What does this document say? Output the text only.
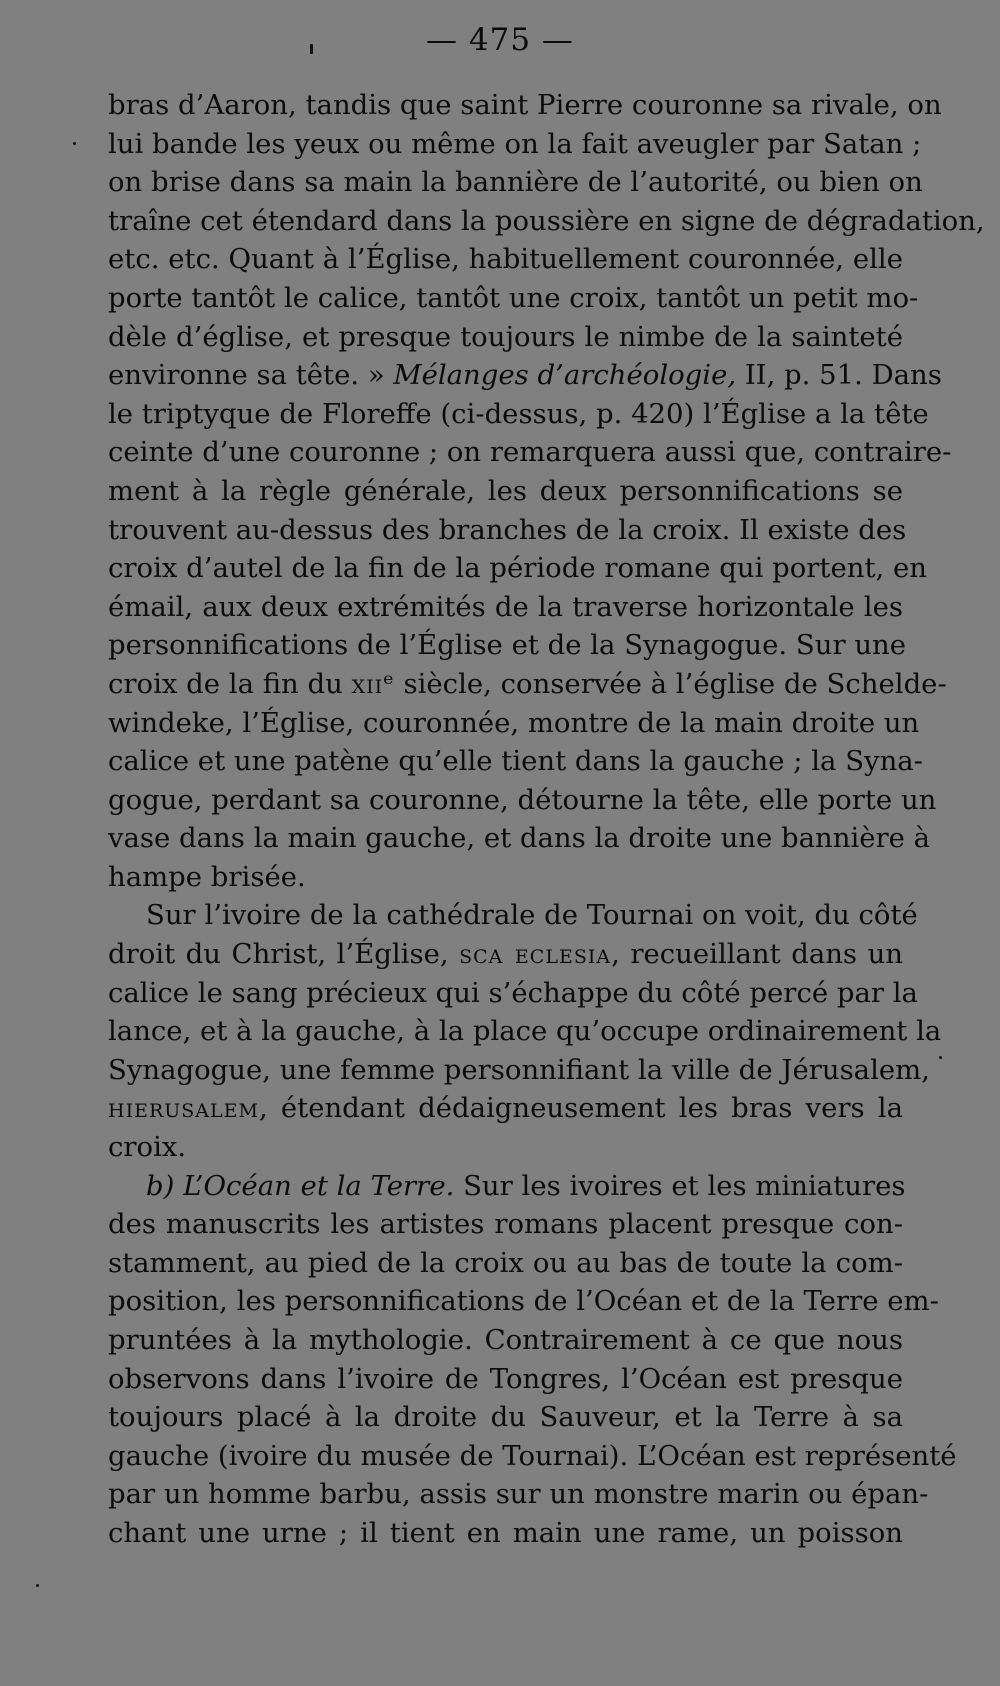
— 475 —
bras d’Aaron, tandis que saint Pierre couronne sa rivale, on
lui bande les yeux ou même on la fait aveugler par Satan ;
on brise dans sa main la bannière de l’autorité, ou bien on
traîne cet étendard dans la poussière en signe de dégradation,
etc. etc. Quant à l’Église, habituellement couronnée, elle
porte tantôt le calice, tantôt une croix, tantôt un petit mo-
dèle d’église, et presque toujours le nimbe de la sainteté
environne sa tête. » Mélanges d’archéologie, II, p. 51. Dans
le triptyque de Floreffe (ci-dessus, p. 420) l’Église a la tête
ceinte d’une couronne ; on remarquera aussi que, contraire-
ment à la règle générale, les deux personnifications se
trouvent au-dessus des branches de la croix. Il existe des
croix d’autel de la fin de la période romane qui portent, en
émail, aux deux extrémités de la traverse horizontale les
personnifications de l’Église et de la Synagogue. Sur une
croix de la fin du xiiᵉ siècle, conservée à l’église de Schelde-
windeke, l’Église, couronnée, montre de la main droite un
calice et une patène qu’elle tient dans la gauche ; la Syna-
gogue, perdant sa couronne, détourne la tête, elle porte un
vase dans la main gauche, et dans la droite une bannière à
hampe brisée.
Sur l’ivoire de la cathédrale de Tournai on voit, du côté
droit du Christ, l’Église, sca eclesia, recueillant dans un
calice le sang précieux qui s’échappe du côté percé par la
lance, et à la gauche, à la place qu’occupe ordinairement la
Synagogue, une femme personnifiant la ville de Jérusalem,
hierusalem, étendant dédaigneusement les bras vers la
croix.
b) L’Océan et la Terre. Sur les ivoires et les miniatures
des manuscrits les artistes romans placent presque con-
stamment, au pied de la croix ou au bas de toute la com-
position, les personnifications de l’Océan et de la Terre em-
pruntées à la mythologie. Contrairement à ce que nous
observons dans l’ivoire de Tongres, l’Océan est presque
toujours placé à la droite du Sauveur, et la Terre à sa
gauche (ivoire du musée de Tournai). L’Océan est représenté
par un homme barbu, assis sur un monstre marin ou épan-
chant une urne ; il tient en main une rame, un poisson
